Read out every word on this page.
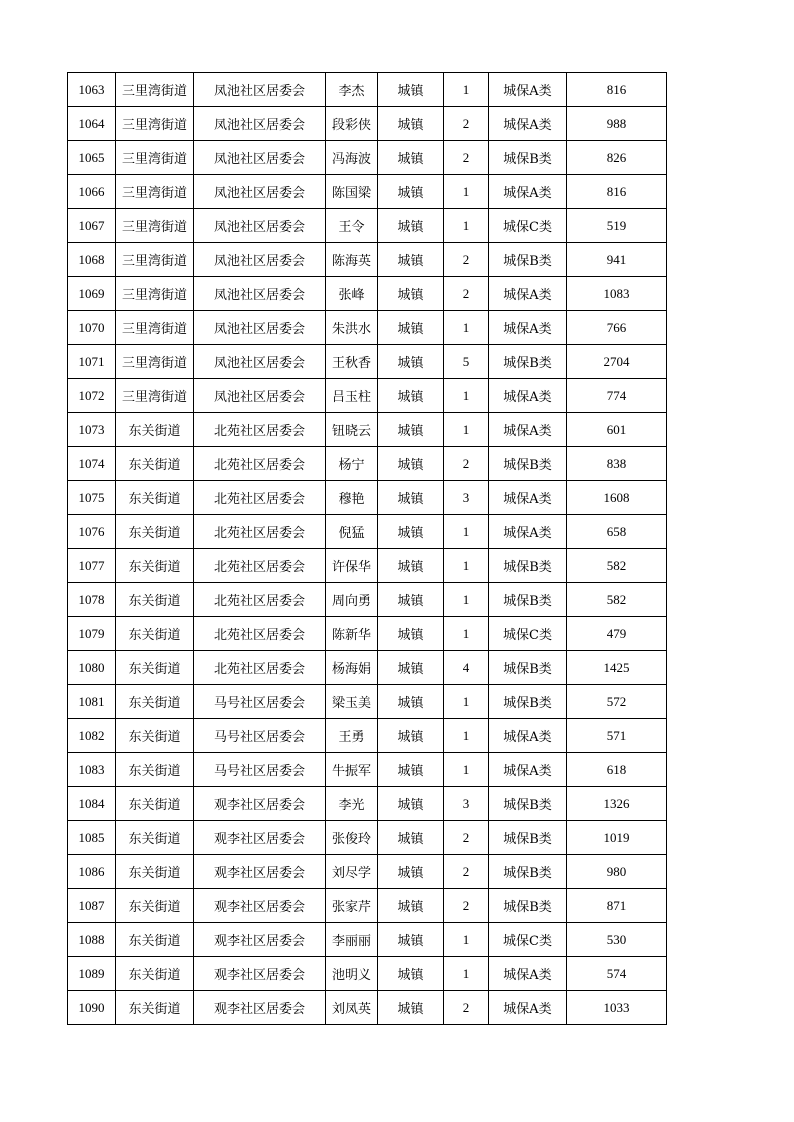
1063	三里湾街道	凤池社区居委会	李杰	城镇	1	城保A类	816
1064	三里湾街道	凤池社区居委会	段彩侠	城镇	2	城保A类	988
1065	三里湾街道	凤池社区居委会	冯海波	城镇	2	城保B类	826
1066	三里湾街道	凤池社区居委会	陈国梁	城镇	1	城保A类	816
1067	三里湾街道	凤池社区居委会	王令	城镇	1	城保C类	519
1068	三里湾街道	凤池社区居委会	陈海英	城镇	2	城保B类	941
1069	三里湾街道	凤池社区居委会	张峰	城镇	2	城保A类	1083
1070	三里湾街道	凤池社区居委会	朱洪水	城镇	1	城保A类	766
1071	三里湾街道	凤池社区居委会	王秋香	城镇	5	城保B类	2704
1072	三里湾街道	凤池社区居委会	吕玉柱	城镇	1	城保A类	774
1073	东关街道	北苑社区居委会	钮晓云	城镇	1	城保A类	601
1074	东关街道	北苑社区居委会	杨宁	城镇	2	城保B类	838
1075	东关街道	北苑社区居委会	穆艳	城镇	3	城保A类	1608
1076	东关街道	北苑社区居委会	倪猛	城镇	1	城保A类	658
1077	东关街道	北苑社区居委会	许保华	城镇	1	城保B类	582
1078	东关街道	北苑社区居委会	周向勇	城镇	1	城保B类	582
1079	东关街道	北苑社区居委会	陈新华	城镇	1	城保C类	479
1080	东关街道	北苑社区居委会	杨海娟	城镇	4	城保B类	1425
1081	东关街道	马号社区居委会	梁玉美	城镇	1	城保B类	572
1082	东关街道	马号社区居委会	王勇	城镇	1	城保A类	571
1083	东关街道	马号社区居委会	牛振军	城镇	1	城保A类	618
1084	东关街道	观李社区居委会	李光	城镇	3	城保B类	1326
1085	东关街道	观李社区居委会	张俊玲	城镇	2	城保B类	1019
1086	东关街道	观李社区居委会	刘尽学	城镇	2	城保B类	980
1087	东关街道	观李社区居委会	张家芹	城镇	2	城保B类	871
1088	东关街道	观李社区居委会	李丽丽	城镇	1	城保C类	530
1089	东关街道	观李社区居委会	池明义	城镇	1	城保A类	574
1090	东关街道	观李社区居委会	刘凤英	城镇	2	城保A类	1033
